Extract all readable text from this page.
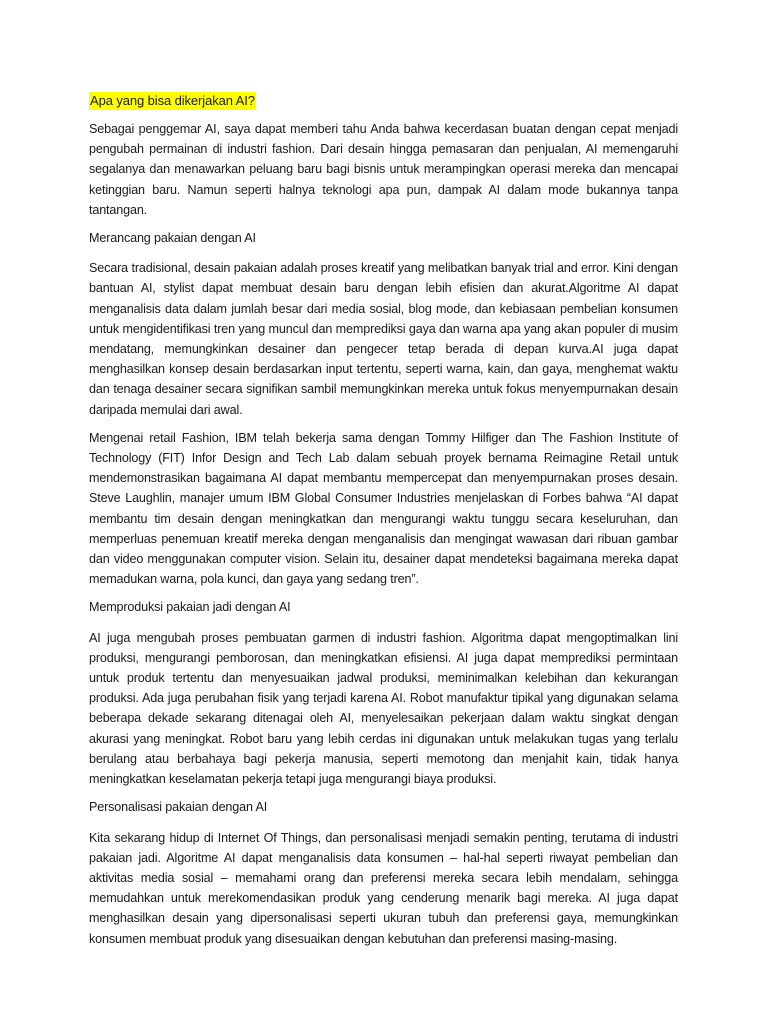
Apa yang bisa dikerjakan AI?

Sebagai penggemar AI, saya dapat memberi tahu Anda bahwa kecerdasan buatan dengan cepat menjadi pengubah permainan di industri fashion. Dari desain hingga pemasaran dan penjualan, AI memengaruhi segalanya dan menawarkan peluang baru bagi bisnis untuk merampingkan operasi mereka dan mencapai ketinggian baru. Namun seperti halnya teknologi apa pun, dampak AI dalam mode bukannya tanpa tantangan.

Merancang pakaian dengan AI

Secara tradisional, desain pakaian adalah proses kreatif yang melibatkan banyak trial and error. Kini dengan bantuan AI, stylist dapat membuat desain baru dengan lebih efisien dan akurat.Algoritme AI dapat menganalisis data dalam jumlah besar dari media sosial, blog mode, dan kebiasaan pembelian konsumen untuk mengidentifikasi tren yang muncul dan memprediksi gaya dan warna apa yang akan populer di musim mendatang, memungkinkan desainer dan pengecer tetap berada di depan kurva.AI juga dapat menghasilkan konsep desain berdasarkan input tertentu, seperti warna, kain, dan gaya, menghemat waktu dan tenaga desainer secara signifikan sambil memungkinkan mereka untuk fokus menyempurnakan desain daripada memulai dari awal.

Mengenai retail Fashion, IBM telah bekerja sama dengan Tommy Hilfiger dan The Fashion Institute of Technology (FIT) Infor Design and Tech Lab dalam sebuah proyek bernama Reimagine Retail untuk mendemonstrasikan bagaimana AI dapat membantu mempercepat dan menyempurnakan proses desain. Steve Laughlin, manajer umum IBM Global Consumer Industries menjelaskan di Forbes bahwa “AI dapat membantu tim desain dengan meningkatkan dan mengurangi waktu tunggu secara keseluruhan, dan memperluas penemuan kreatif mereka dengan menganalisis dan mengingat wawasan dari ribuan gambar dan video menggunakan computer vision. Selain itu, desainer dapat mendeteksi bagaimana mereka dapat memadukan warna, pola kunci, dan gaya yang sedang tren”.

Memproduksi pakaian jadi dengan AI

AI juga mengubah proses pembuatan garmen di industri fashion. Algoritma dapat mengoptimalkan lini produksi, mengurangi pemborosan, dan meningkatkan efisiensi. AI juga dapat memprediksi permintaan untuk produk tertentu dan menyesuaikan jadwal produksi, meminimalkan kelebihan dan kekurangan produksi. Ada juga perubahan fisik yang terjadi karena AI. Robot manufaktur tipikal yang digunakan selama beberapa dekade sekarang ditenagai oleh AI, menyelesaikan pekerjaan dalam waktu singkat dengan akurasi yang meningkat. Robot baru yang lebih cerdas ini digunakan untuk melakukan tugas yang terlalu berulang atau berbahaya bagi pekerja manusia, seperti memotong dan menjahit kain, tidak hanya meningkatkan keselamatan pekerja tetapi juga mengurangi biaya produksi.

Personalisasi pakaian dengan AI

Kita sekarang hidup di Internet Of Things, dan personalisasi menjadi semakin penting, terutama di industri pakaian jadi. Algoritme AI dapat menganalisis data konsumen – hal-hal seperti riwayat pembelian dan aktivitas media sosial – memahami orang dan preferensi mereka secara lebih mendalam, sehingga memudahkan untuk merekomendasikan produk yang cenderung menarik bagi mereka. AI juga dapat menghasilkan desain yang dipersonalisasi seperti ukuran tubuh dan preferensi gaya, memungkinkan konsumen membuat produk yang disesuaikan dengan kebutuhan dan preferensi masing-masing.
